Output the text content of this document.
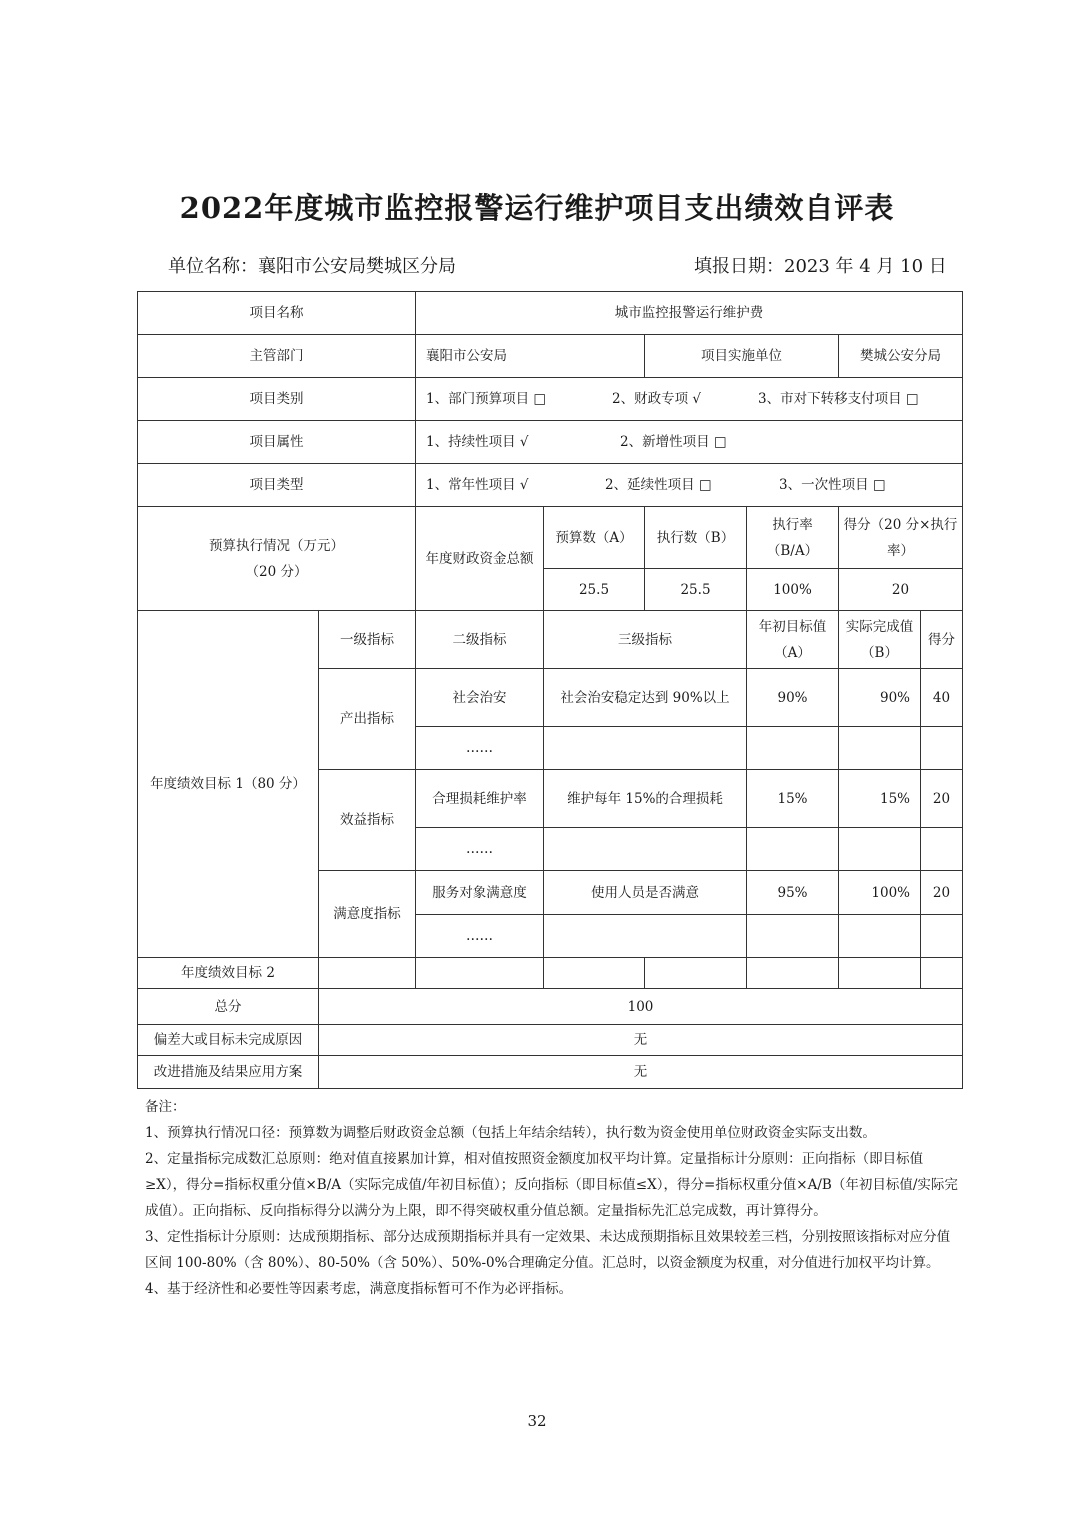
2022年度城市监控报警运行维护项目支出绩效自评表
单位名称：襄阳市公安局樊城区分局	填报日期：2023 年 4 月 10 日
项目名称		城市监控报警运行维护费					
主管部门		襄阳市公安局		项目实施单位		樊城公安分局	
项目类别		1、部门预算项目 □ 2、财政专项 √ 3、市对下转移支付项目 □					
项目属性		1、持续性项目 √ 2、新增性项目 □					
项目类型		1、常年性项目 √ 2、延续性项目 □ 3、一次性项目 □					

预算执行情况（万元）
（20 分）		年度财政资金总额	预算数（A）	执行数（B）	执行率（B/A）	得分（20 分×执行率）	
			25.5	25.5	100%	20	
年度绩效目标 1（80 分）	一级指标	二级指标	三级指标		年初目标值（A）	实际完成值（B）	得分
	产出指标	社会治安	社会治安稳定达到 90%以上		90%	90%	40
		……					
	效益指标	合理损耗维护率	维护每年 15%的合理损耗		15%	15%	20
		……					
	满意度指标	服务对象满意度	使用人员是否满意		95%	100%	20
		……					
年度绩效目标 2							
总分	100						
偏差大或目标未完成原因	无						
改进措施及结果应用方案	无						

备注：

1、预算执行情况口径：预算数为调整后财政资金总额（包括上年结余结转），执行数为资金使用单位财政资金实际支出数。

2、定量指标完成数汇总原则：绝对值直接累加计算，相对值按照资金额度加权平均计算。定量指标计分原则：正向指标（即目标值≥X），得分=指标权重分值×B/A（实际完成值/年初目标值）；反向指标（即目标值≤X），得分=指标权重分值×A/B（年初目标值/实际完成值）。正向指标、反向指标得分以满分为上限，即不得突破权重分值总额。定量指标先汇总完成数，再计算得分。

3、定性指标计分原则：达成预期指标、部分达成预期指标并具有一定效果、未达成预期指标且效果较差三档，分别按照该指标对应分值区间 100-80%（含 80%）、80-50%（含 50%）、50%-0%合理确定分值。汇总时，以资金额度为权重，对分值进行加权平均计算。

4、基于经济性和必要性等因素考虑，满意度指标暂可不作为必评指标。

32
